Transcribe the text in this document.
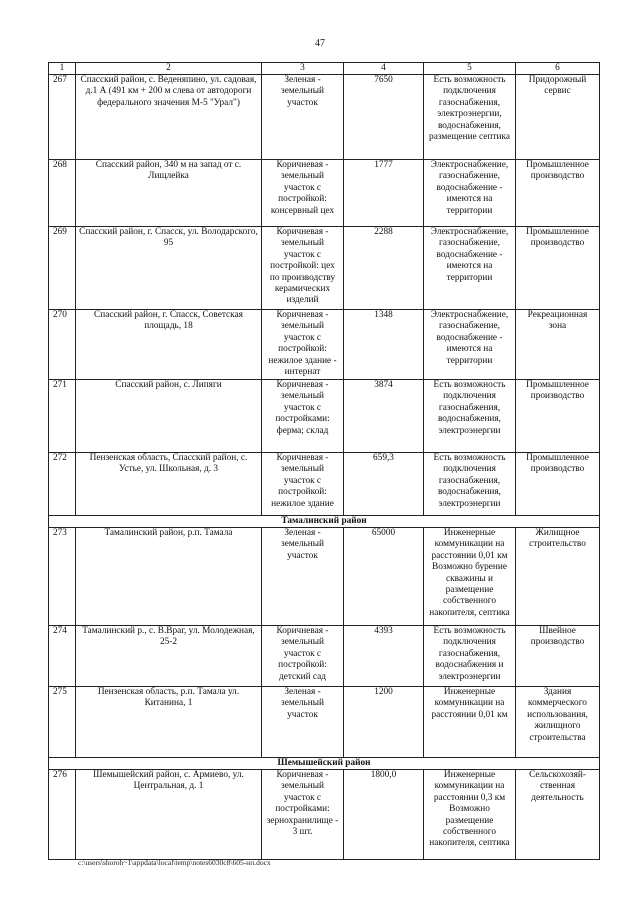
47
1	2	3	4	5	6
267	Спасский район, с. Веденяпино, ул. садовая, д.1 А (491 км + 200 м слева от автодороги федерального значения М-5 "Урал")	Зеленая - земельный участок	7650	Есть возможность подключения газоснабжения, электроэнергии, водоснабжения, размещение септика	Придорожный сервис
268	Спасский район, 340 м на запад от с. Лищлейка	Коричневая - земельный участок с постройкой: консервный цех	1777	Электроснабжение, газоснабжение, водоснабжение - имеются на территории	Промышленное производство
269	Спасский район, г. Спасск, ул. Володарского, 95	Коричневая - земельный участок с постройкой: цех по производству керамических изделий	2288	Электроснабжение, газоснабжение, водоснабжение - имеются на территории	Промышленное производство
270	Спасский район, г. Спасск, Советская площадь, 18	Коричневая - земельный участок с постройкой: нежилое здание - интернат	1348	Электроснабжение, газоснабжение, водоснабжение - имеются на территории	Рекреационная зона
271	Спасский район, с. Липяги	Коричневая - земельный участок с постройками: ферма; склад	3874	Есть возможность подключения газоснабжения, водоснабжения, электроэнергии	Промышленное производство
272	Пензенская область, Спасский район, с. Устье, ул. Школьная, д. 3	Коричневая - земельный участок с постройкой: нежилое здание	659,3	Есть возможность подключения газоснабжения, водоснабжения, электроэнергии	Промышленное производство
Тамалинский район					
273	Тамалинский район, р.п. Тамала	Зеленая - земельный участок	65000	Инженерные коммуникации на расстоянии 0,01 км Возможно бурение скважины и размещение собственного накопителя, септика	Жилищное строительство
274	Тамалинский р., с. В.Враг, ул. Молодежная, 25-2	Коричневая - земельный участок с постройкой: детский сад	4393	Есть возможность подключения газоснабжения, водоснабжения и электроэнергии	Швейное производство
275	Пензенская область, р.п. Тамала ул. Китанина, 1	Зеленая - земельный участок	1200	Инженерные коммуникации на расстоянии 0,01 км	Здания коммерческого использования, жилищного строительства
Шемышейский район					
276	Шемышейский район, с. Армиево, ул. Центральная, д. 1	Коричневая - земельный участок с постройками: зернохранилище - 3 шт.	1800,0	Инженерные коммуникации на расстоянии 0,3 км Возможно размещение собственного накопителя, септика	Сельскохозяй-ственная деятельность
c:\users\shoroh~1\appdata\local\temp\notes6030c8\605-нп.docx
